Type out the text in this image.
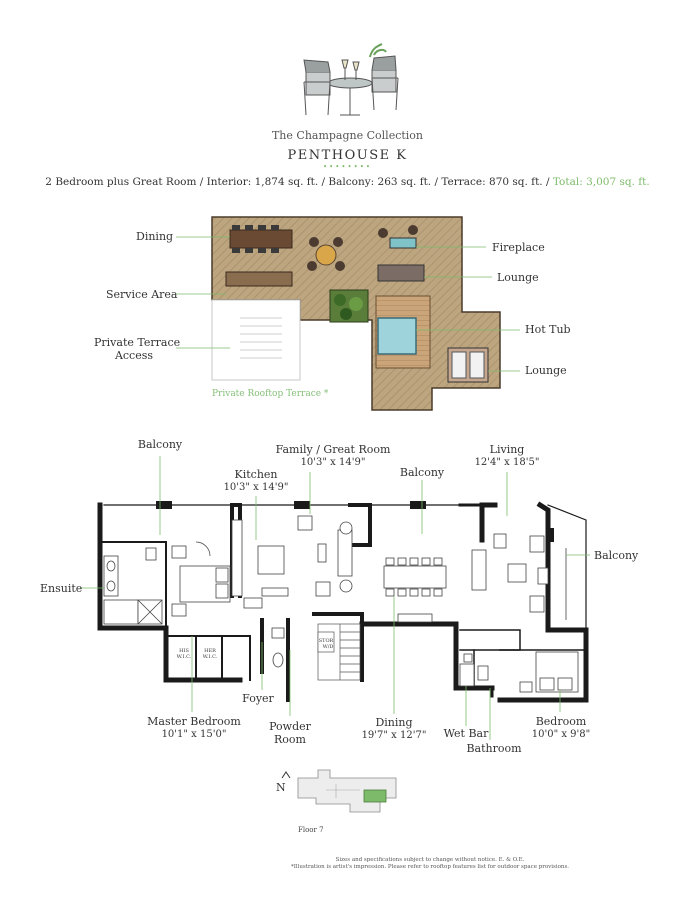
The Champagne Collection
PENTHOUSE K
••••••••
2 Bedroom plus Great Room / Interior: 1,874 sq. ft. / Balcony: 263 sq. ft. / Terrace: 870 sq. ft. / Total: 3,007 sq. ft.
Dining
Service Area
Private Terrace
Access
Fireplace
Lounge
Hot Tub
Lounge
Private Rooftop Terrace *
Balcony
Kitchen
10'3" x 14'9"
Family / Great Room
10'3" x 14'9"
Balcony
Living
12'4" x 18'5"
Balcony
Ensuite
Foyer
Master Bedroom
10'1" x 15'0"
Powder
Room
Dining
19'7" x 12'7"	Wet Bar
Bathroom
Bedroom
10'0" x 9'8"
HIS
W.I.C.
HER
W.I.C.
STOR
W/D
N
Floor 7
Sizes and specifications subject to change without notice. E. & O.E.
*Illustration is artist's impression. Please refer to rooftop features list for outdoor space provisions.
